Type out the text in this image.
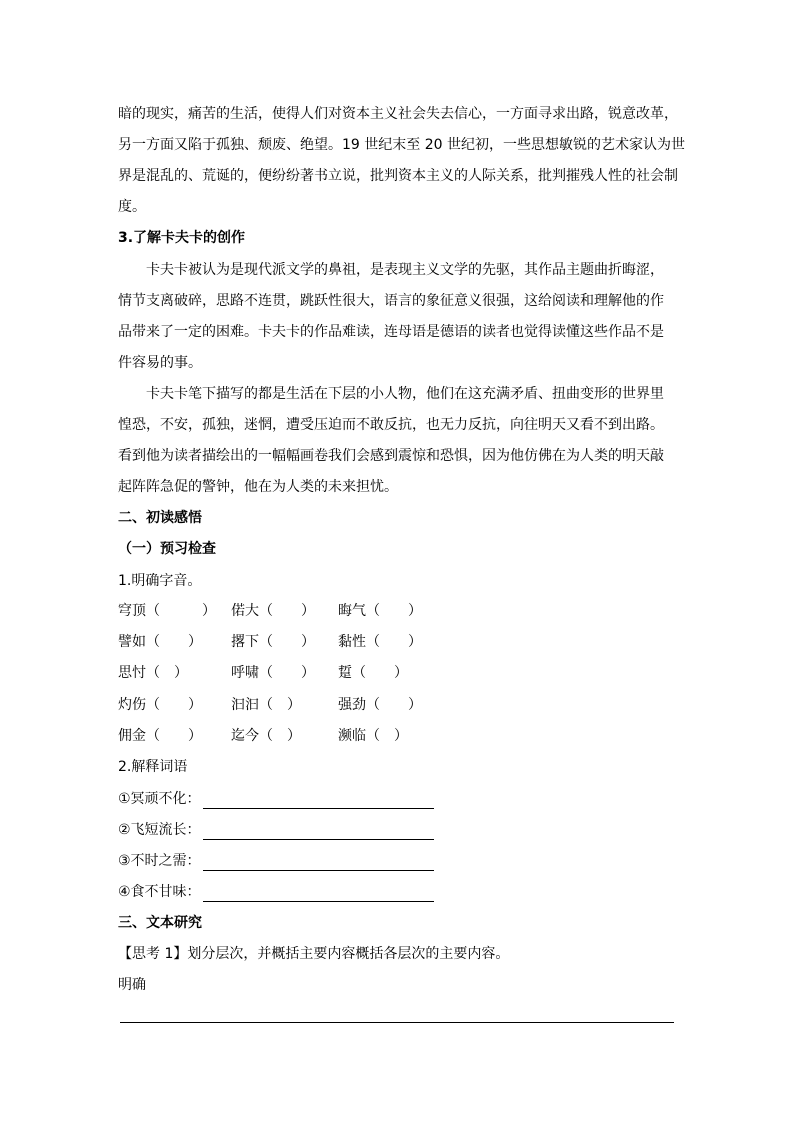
暗的现实，痛苦的生活，使得人们对资本主义社会失去信心，一方面寻求出路，锐意改革，
另一方面又陷于孤独、颓废、绝望。19 世纪末至 20 世纪初，一些思想敏锐的艺术家认为世
界是混乱的、荒诞的，便纷纷著书立说，批判资本主义的人际关系，批判摧残人性的社会制
度。
3.了解卡夫卡的创作
卡夫卡被认为是现代派文学的鼻祖，是表现主义文学的先驱，其作品主题曲折晦涩，
情节支离破碎，思路不连贯，跳跃性很大，语言的象征意义很强，这给阅读和理解他的作
品带来了一定的困难。卡夫卡的作品难读，连母语是德语的读者也觉得读懂这些作品不是
件容易的事。
卡夫卡笔下描写的都是生活在下层的小人物，他们在这充满矛盾、扭曲变形的世界里
惶恐，不安，孤独，迷惘，遭受压迫而不敢反抗，也无力反抗，向往明天又看不到出路。
看到他为读者描绘出的一幅幅画卷我们会感到震惊和恐惧，因为他仿佛在为人类的明天敲
起阵阵急促的警钟，他在为人类的未来担忧。
二、初读感悟
（一）预习检查
1.明确字音。
穹顶（　　　） 偌大（　　） 晦气（　　）
譬如（　　） 撂下（　　） 黏性（　　）
思忖（　）	呼啸（　　） 踅（　　）
灼伤（　　） 汩汩（　）	强劲（　　）
佣金（　　） 迄今（　）	濒临（　）
2.解释词语
①冥顽不化：
②飞短流长：
③不时之需：
④食不甘味：
三、文本研究
【思考 1】划分层次，并概括主要内容概括各层次的主要内容。
明确
